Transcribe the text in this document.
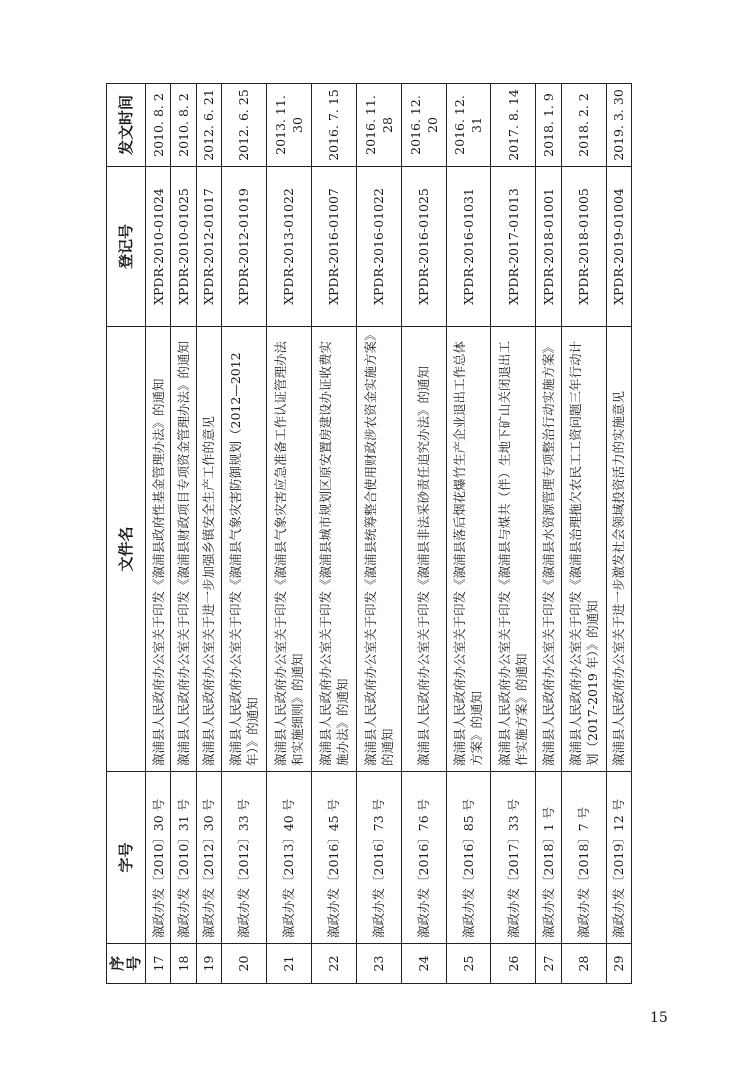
序号	字号	文件名	登记号	发文时间
17	溆政办发〔2010〕30 号	溆浦县人民政府办公室关于印发《溆浦县政府性基金管理办法》的通知	XPDR-2010-01024	2010. 8. 2
18	溆政办发〔2010〕31 号	溆浦县人民政府办公室关于印发《溆浦县财政项目专项资金管理办法》的通知	XPDR-2010-01025	2010. 8. 2
19	溆政办发〔2012〕30 号	溆浦县人民政府办公室关于进一步加强乡镇安全生产工作的意见	XPDR-2012-01017	2012. 6. 21
20	溆政办发〔2012〕33 号	溆浦县人民政府办公室关于印发《溆浦县气象灾害防御规划（2012—2012 年）》的通知	XPDR-2012-01019	2012. 6. 25
21	溆政办发〔2013〕40 号	溆浦县人民政府办公室关于印发《溆浦县气象灾害应急准备工作认证管理办法和实施细则》的通知	XPDR-2013-01022	2013. 11. 30
22	溆政办发〔2016〕45 号	溆浦县人民政府办公室关于印发《溆浦县城市规划区原安置房建设办证收费实施办法》的通知	XPDR-2016-01007	2016. 7. 15
23	溆政办发〔2016〕73 号	溆浦县人民政府办公室关于印发《溆浦县统筹整合使用财政涉农资金实施方案》的通知	XPDR-2016-01022	2016. 11. 28
24	溆政办发〔2016〕76 号	溆浦县人民政府办公室关于印发《溆浦县非法采砂责任追究办法》的通知	XPDR-2016-01025	2016. 12. 20
25	溆政办发〔2016〕85 号	溆浦县人民政府办公室关于印发《溆浦县落后烟花爆竹生产企业退出工作总体方案》的通知	XPDR-2016-01031	2016. 12. 31
26	溆政办发〔2017〕33 号	溆浦县人民政府办公室关于印发《溆浦县与煤共（伴）生地下矿山关闭退出工作实施方案》的通知	XPDR-2017-01013	2017. 8. 14
27	溆政办发〔2018〕1 号	溆浦县人民政府办公室关于印发《溆浦县水资源管理专项整治行动实施方案》	XPDR-2018-01001	2018. 1. 9
28	溆政办发〔2018〕7 号	溆浦县人民政府办公室关于印发《溆浦县治理拖欠农民工工资问题三年行动计划（2017-2019 年）》的通知	XPDR-2018-01005	2018. 2. 2
29	溆政办发〔2019〕12 号	溆浦县人民政府办公室关于进一步激发社会领域投资活力的实施意见	XPDR-2019-01004	2019. 3. 30
15
